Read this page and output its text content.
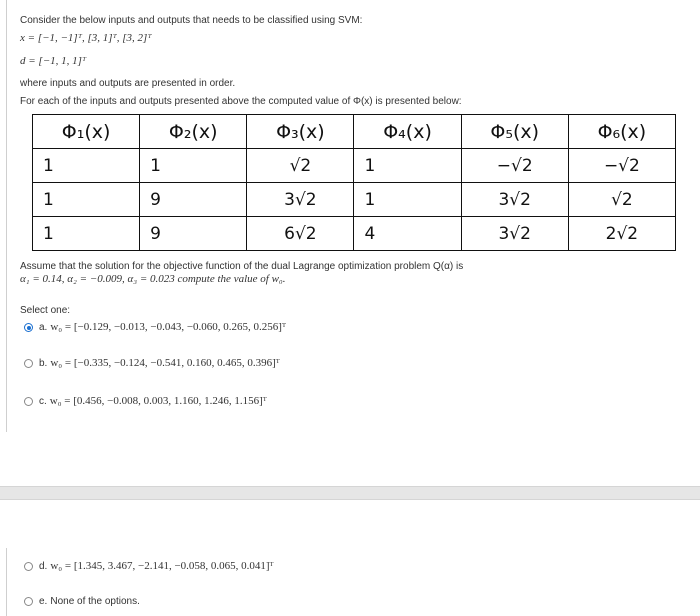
Consider the below inputs and outputs that needs to be classified using SVM:
x = [−1, −1]ᵀ, [3, 1]ᵀ, [3, 2]ᵀ
d = [−1, 1, 1]ᵀ
where inputs and outputs are presented in order.
For each of the inputs and outputs presented above the computed value of Φ(x) is presented below:
Φ₁(x)	Φ₂(x)	Φ₃(x)	Φ₄(x)	Φ₅(x)	Φ₆(x)
1	1	√2	1	−√2	−√2
1	9	3√2	1	3√2	√2
1	9	6√2	4	3√2	2√2
Assume that the solution for the objective function of the dual Lagrange optimization problem Q(α) is
α₁ = 0.14, α₂ = −0.009, α₃ = 0.023 compute the value of w₀.
Select one:
a. w₀ = [−0.129, −0.013, −0.043, −0.060, 0.265, 0.256]ᵀ
b. w₀ = [−0.335, −0.124, −0.541, 0.160, 0.465, 0.396]ᵀ
c. w₀ = [0.456, −0.008, 0.003, 1.160, 1.246, 1.156]ᵀ
d. w₀ = [1.345, 3.467, −2.141, −0.058, 0.065, 0.041]ᵀ
e. None of the options.
